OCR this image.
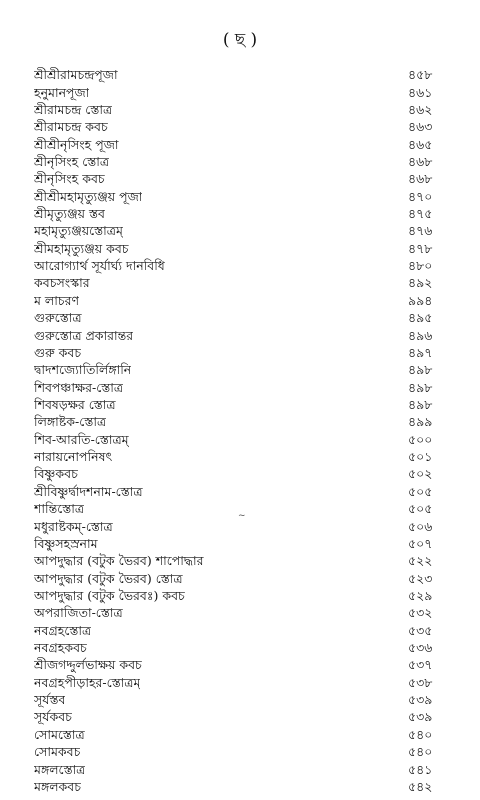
( ছ )
শ্রীশ্রীরামচন্দ্রপূজা	৪৫৮
হনুমানপূজা	৪৬১
শ্রীরামচন্দ্র স্তোত্র	৪৬২
শ্রীরামচন্দ্র কবচ	৪৬৩
শ্রীশ্রীনৃসিংহ পূজা	৪৬৫
শ্রীনৃসিংহ স্তোত্র	৪৬৮
শ্রীনৃসিংহ কবচ	৪৬৮
শ্রীশ্রীমহামৃত্যুঞ্জয় পূজা	৪৭০
শ্রীমৃত্যুঞ্জয় স্তব	৪৭৫
মহামৃত্যুঞ্জয়স্তোত্রম্	৪৭৬
শ্রীমহামৃত্যুঞ্জয় কবচ	৪৭৮
আরোগ্যার্থ সূর্যার্ঘ্য দানবিধি	৪৮০
কবচসংস্কার	৪৯২
ম লাচরণ	৯৯৪
গুরুস্তোত্র	৪৯৫
গুরুস্তোত্র প্রকারান্তর	৪৯৬
গুরু কবচ	৪৯৭
দ্বাদশজ্যোতির্লিঙ্গানি	৪৯৮
শিবপঞ্চাক্ষর-স্তোত্র	৪৯৮
শিবষড়ক্ষর স্তোত্র	৪৯৮
লিঙ্গাষ্টক-স্তোত্র	৪৯৯
শিব-আরতি-স্তোত্রম্	৫০০
নারায়নোপনিষৎ	৫০১
বিষ্ণুকবচ	৫০২
শ্রীবিষ্ণুর্দ্বাদশনাম-স্তোত্র	৫০৫
শান্তিস্তোত্র	৫০৫
মধুরাষ্টকম্-স্তোত্র	৫০৬
বিষ্ণুসহস্রনাম	৫০৭
আপদুদ্ধার (বটুক ভৈরব) শাপোদ্ধার	৫২২
আপদুদ্ধার (বটুক ভৈরব) স্তোত্র	৫২৩
আপদুদ্ধার (বটুক ভৈরবঃ) কবচ	৫২৯
অপরাজিতা-স্তোত্র	৫৩২
নবগ্রহস্তোত্র	৫৩৫
নবগ্রহকবচ	৫৩৬
শ্রীজগদ্দুর্লভাক্ষয় কবচ	৫৩৭
নবগ্রহপীড়াহর-স্তোত্রম্	৫৩৮
সূর্যস্তব	৫৩৯
সূর্যকবচ	৫৩৯
সোমস্তোত্র	৫৪০
সোমকবচ	৫৪০
মঙ্গলস্তোত্র	৫৪১
মঙ্গলকবচ	৫৪২
~
